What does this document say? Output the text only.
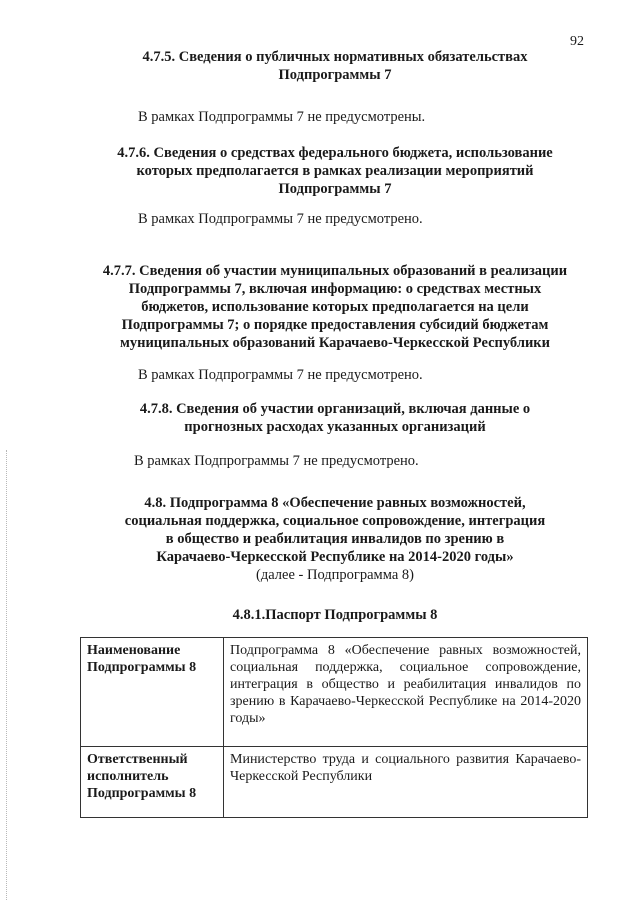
92
4.7.5. Сведения о публичных нормативных обязательствах
Подпрограммы 7
В рамках Подпрограммы 7 не предусмотрены.
4.7.6. Сведения о средствах федерального бюджета, использование
которых предполагается в рамках реализации мероприятий
Подпрограммы 7
В рамках Подпрограммы 7 не предусмотрено.
4.7.7. Сведения об участии муниципальных образований в реализации
Подпрограммы 7, включая информацию: о средствах местных
бюджетов, использование которых предполагается на цели
Подпрограммы 7; о порядке предоставления субсидий бюджетам
муниципальных образований Карачаево-Черкесской Республики
В рамках Подпрограммы 7 не предусмотрено.
4.7.8. Сведения об участии организаций, включая данные о
прогнозных расходах указанных организаций
В рамках Подпрограммы 7 не предусмотрено.
4.8. Подпрограмма 8 «Обеспечение равных возможностей,
социальная поддержка, социальное сопровождение, интеграция
в общество и реабилитация инвалидов по зрению в
Карачаево-Черкесской Республике на 2014-2020 годы»
(далее - Подпрограмма 8)
4.8.1.Паспорт Подпрограммы 8
Наименование Подпрограммы 8	Подпрограмма 8 «Обеспечение равных возможностей, социальная поддержка, социальное сопровождение, интеграция в общество и реабилитация инвалидов по зрению в Карачаево-Черкесской Республике на 2014-2020 годы»
Ответственный исполнитель Подпрограммы 8	Министерство труда и социального развития Карачаево-Черкесской Республики
